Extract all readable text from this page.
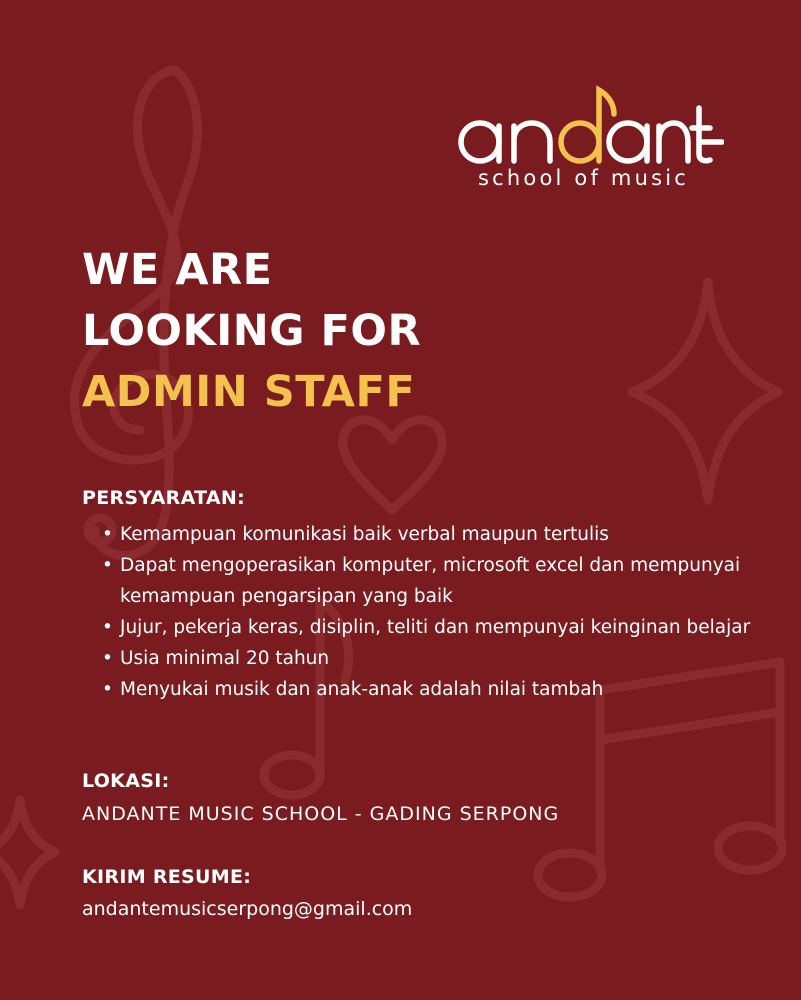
school of music
WE ARE
LOOKING FOR
ADMIN STAFF
PERSYARATAN:
• Kemampuan komunikasi baik verbal maupun tertulis
• Dapat mengoperasikan komputer, microsoft excel dan mempunyai kemampuan pengarsipan yang baik
• Jujur, pekerja keras, disiplin, teliti dan mempunyai keinginan belajar
• Usia minimal 20 tahun
• Menyukai musik dan anak-anak adalah nilai tambah
LOKASI:
ANDANTE MUSIC SCHOOL - GADING SERPONG
KIRIM RESUME:
andantemusicserpong@gmail.com
